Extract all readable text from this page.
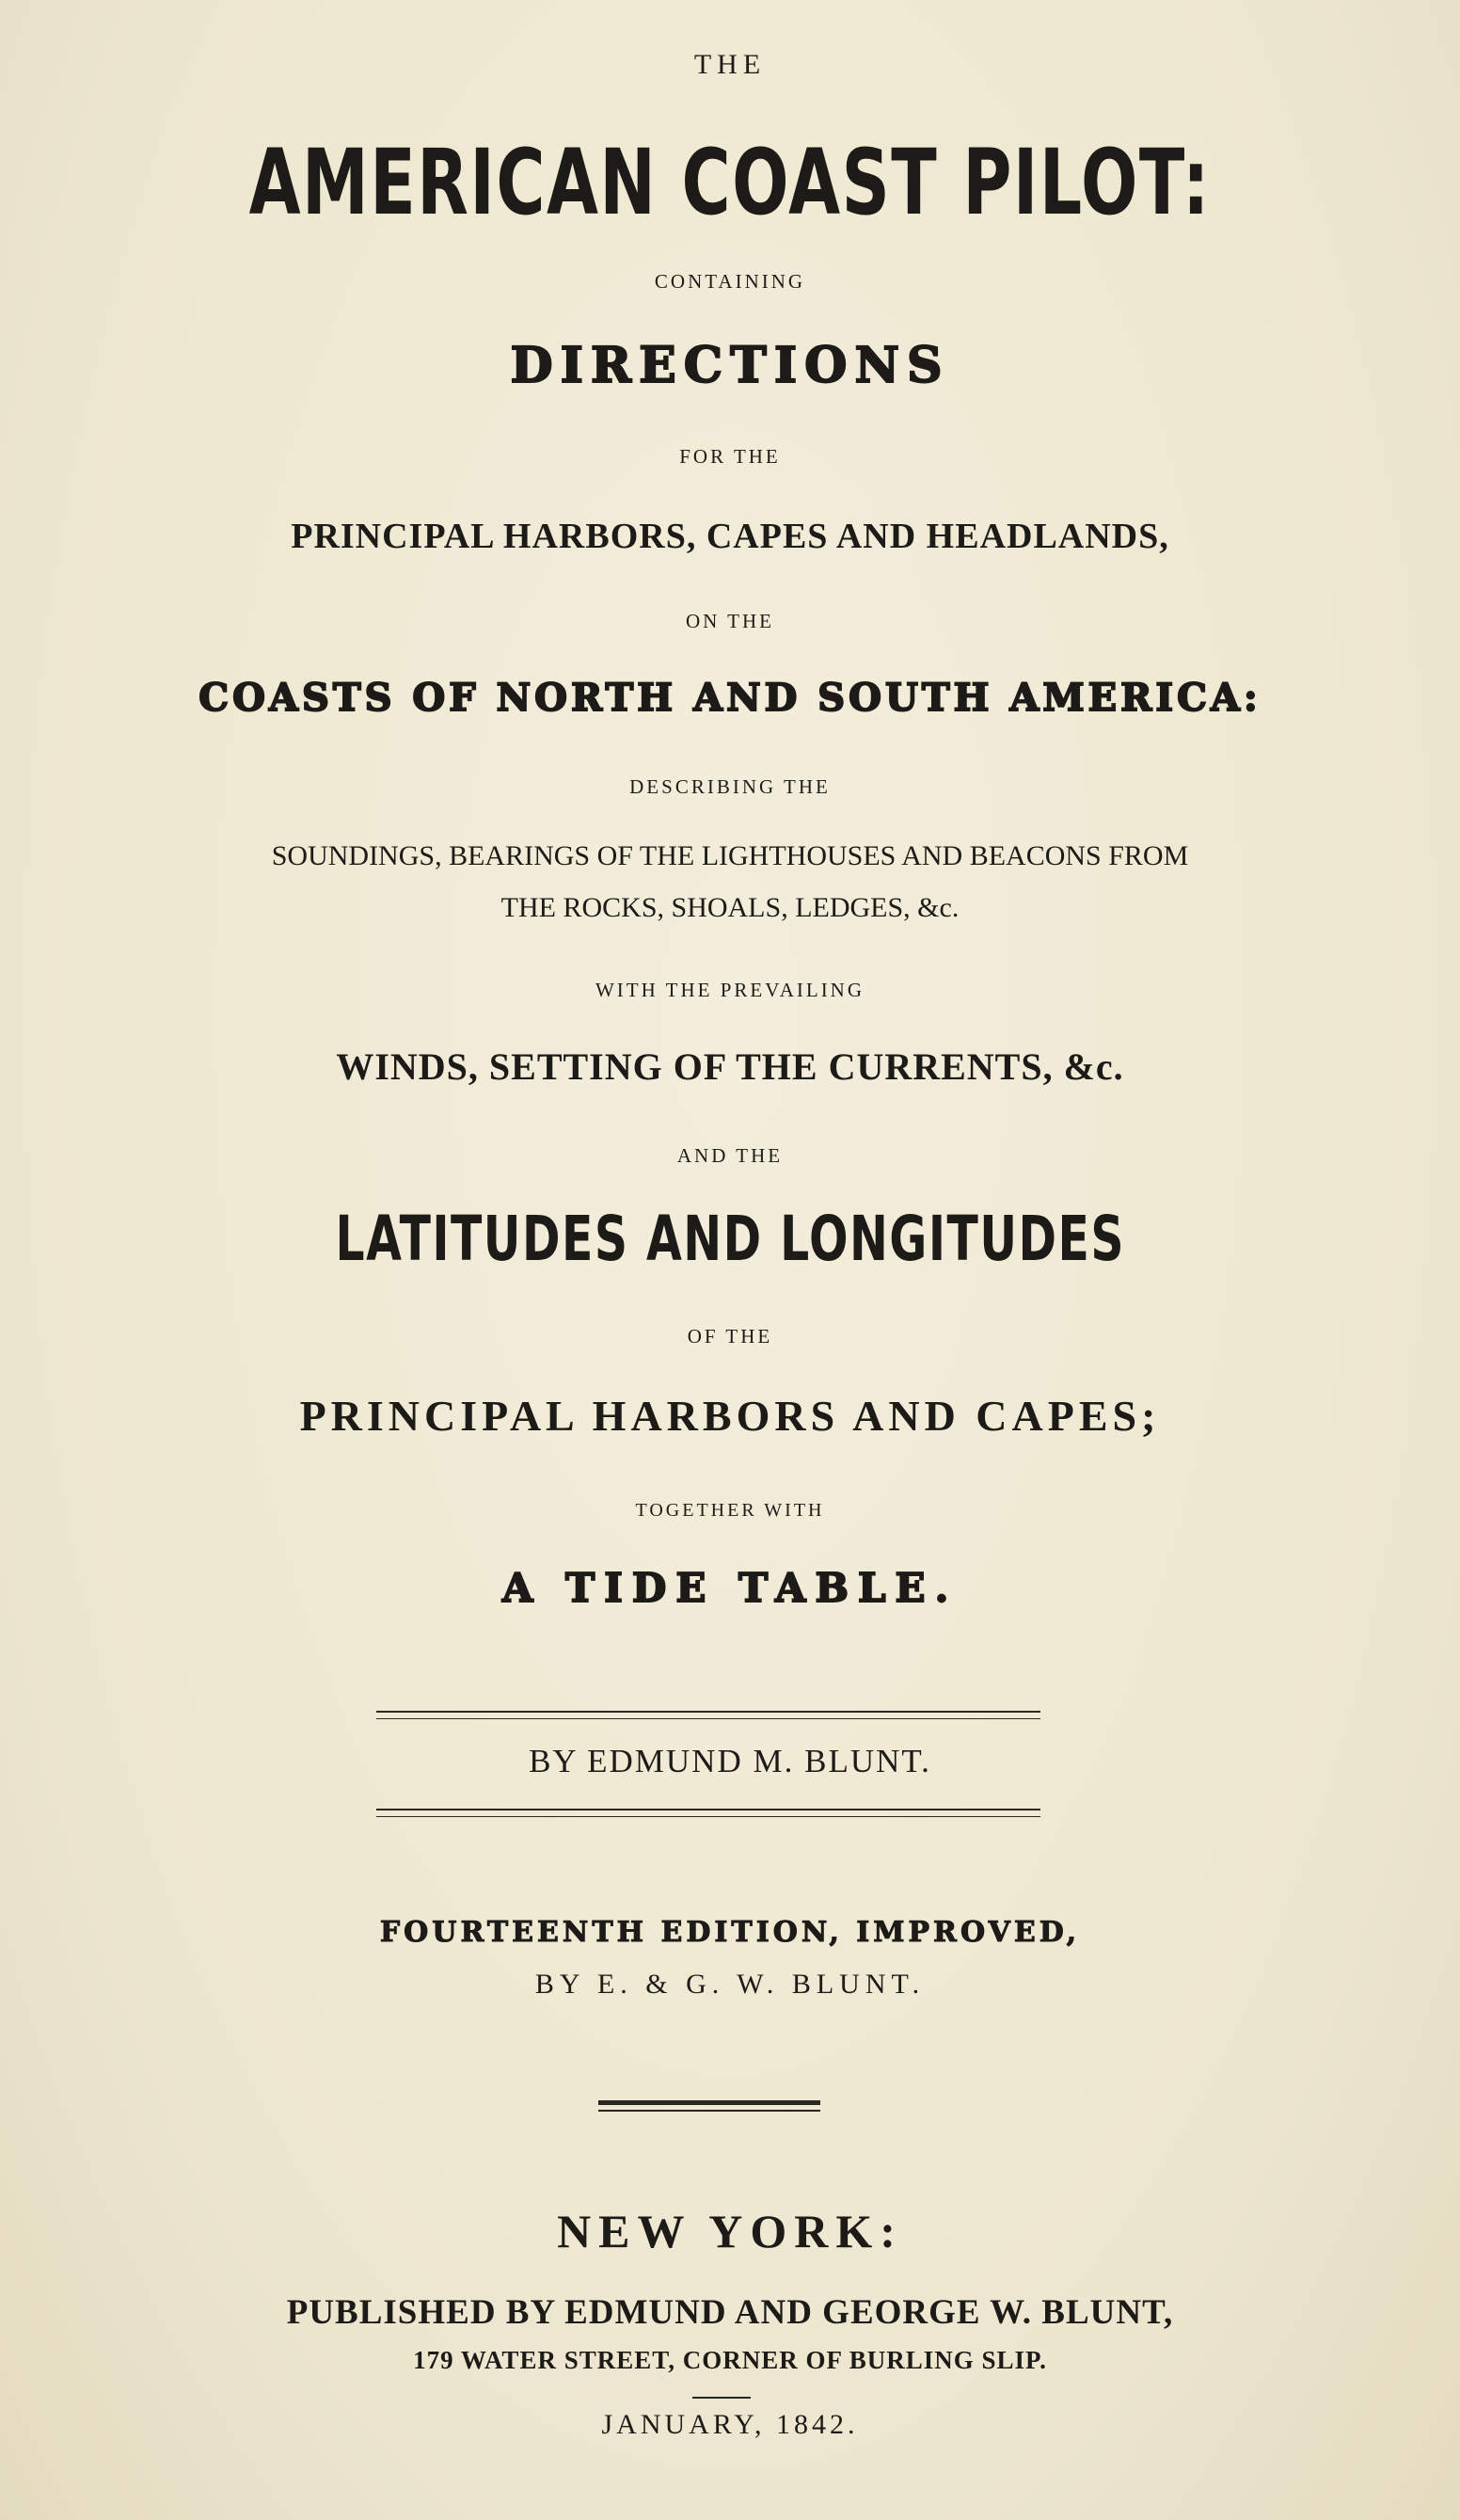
THE

AMERICAN COAST PILOT:

CONTAINING

DIRECTIONS

FOR THE

PRINCIPAL HARBORS, CAPES AND HEADLANDS,

ON THE

COASTS OF NORTH AND SOUTH AMERICA:

DESCRIBING THE

SOUNDINGS, BEARINGS OF THE LIGHTHOUSES AND BEACONS FROM

THE ROCKS, SHOALS, LEDGES, &c.

WITH THE PREVAILING

WINDS, SETTING OF THE CURRENTS, &c.

AND THE

LATITUDES AND LONGITUDES

OF THE

PRINCIPAL HARBORS AND CAPES;

TOGETHER WITH

A TIDE TABLE.

BY EDMUND M. BLUNT.

FOURTEENTH EDITION, IMPROVED,

BY E. & G. W. BLUNT.

NEW YORK:

PUBLISHED BY EDMUND AND GEORGE W. BLUNT,

179 WATER STREET, CORNER OF BURLING SLIP.

JANUARY, 1842.
